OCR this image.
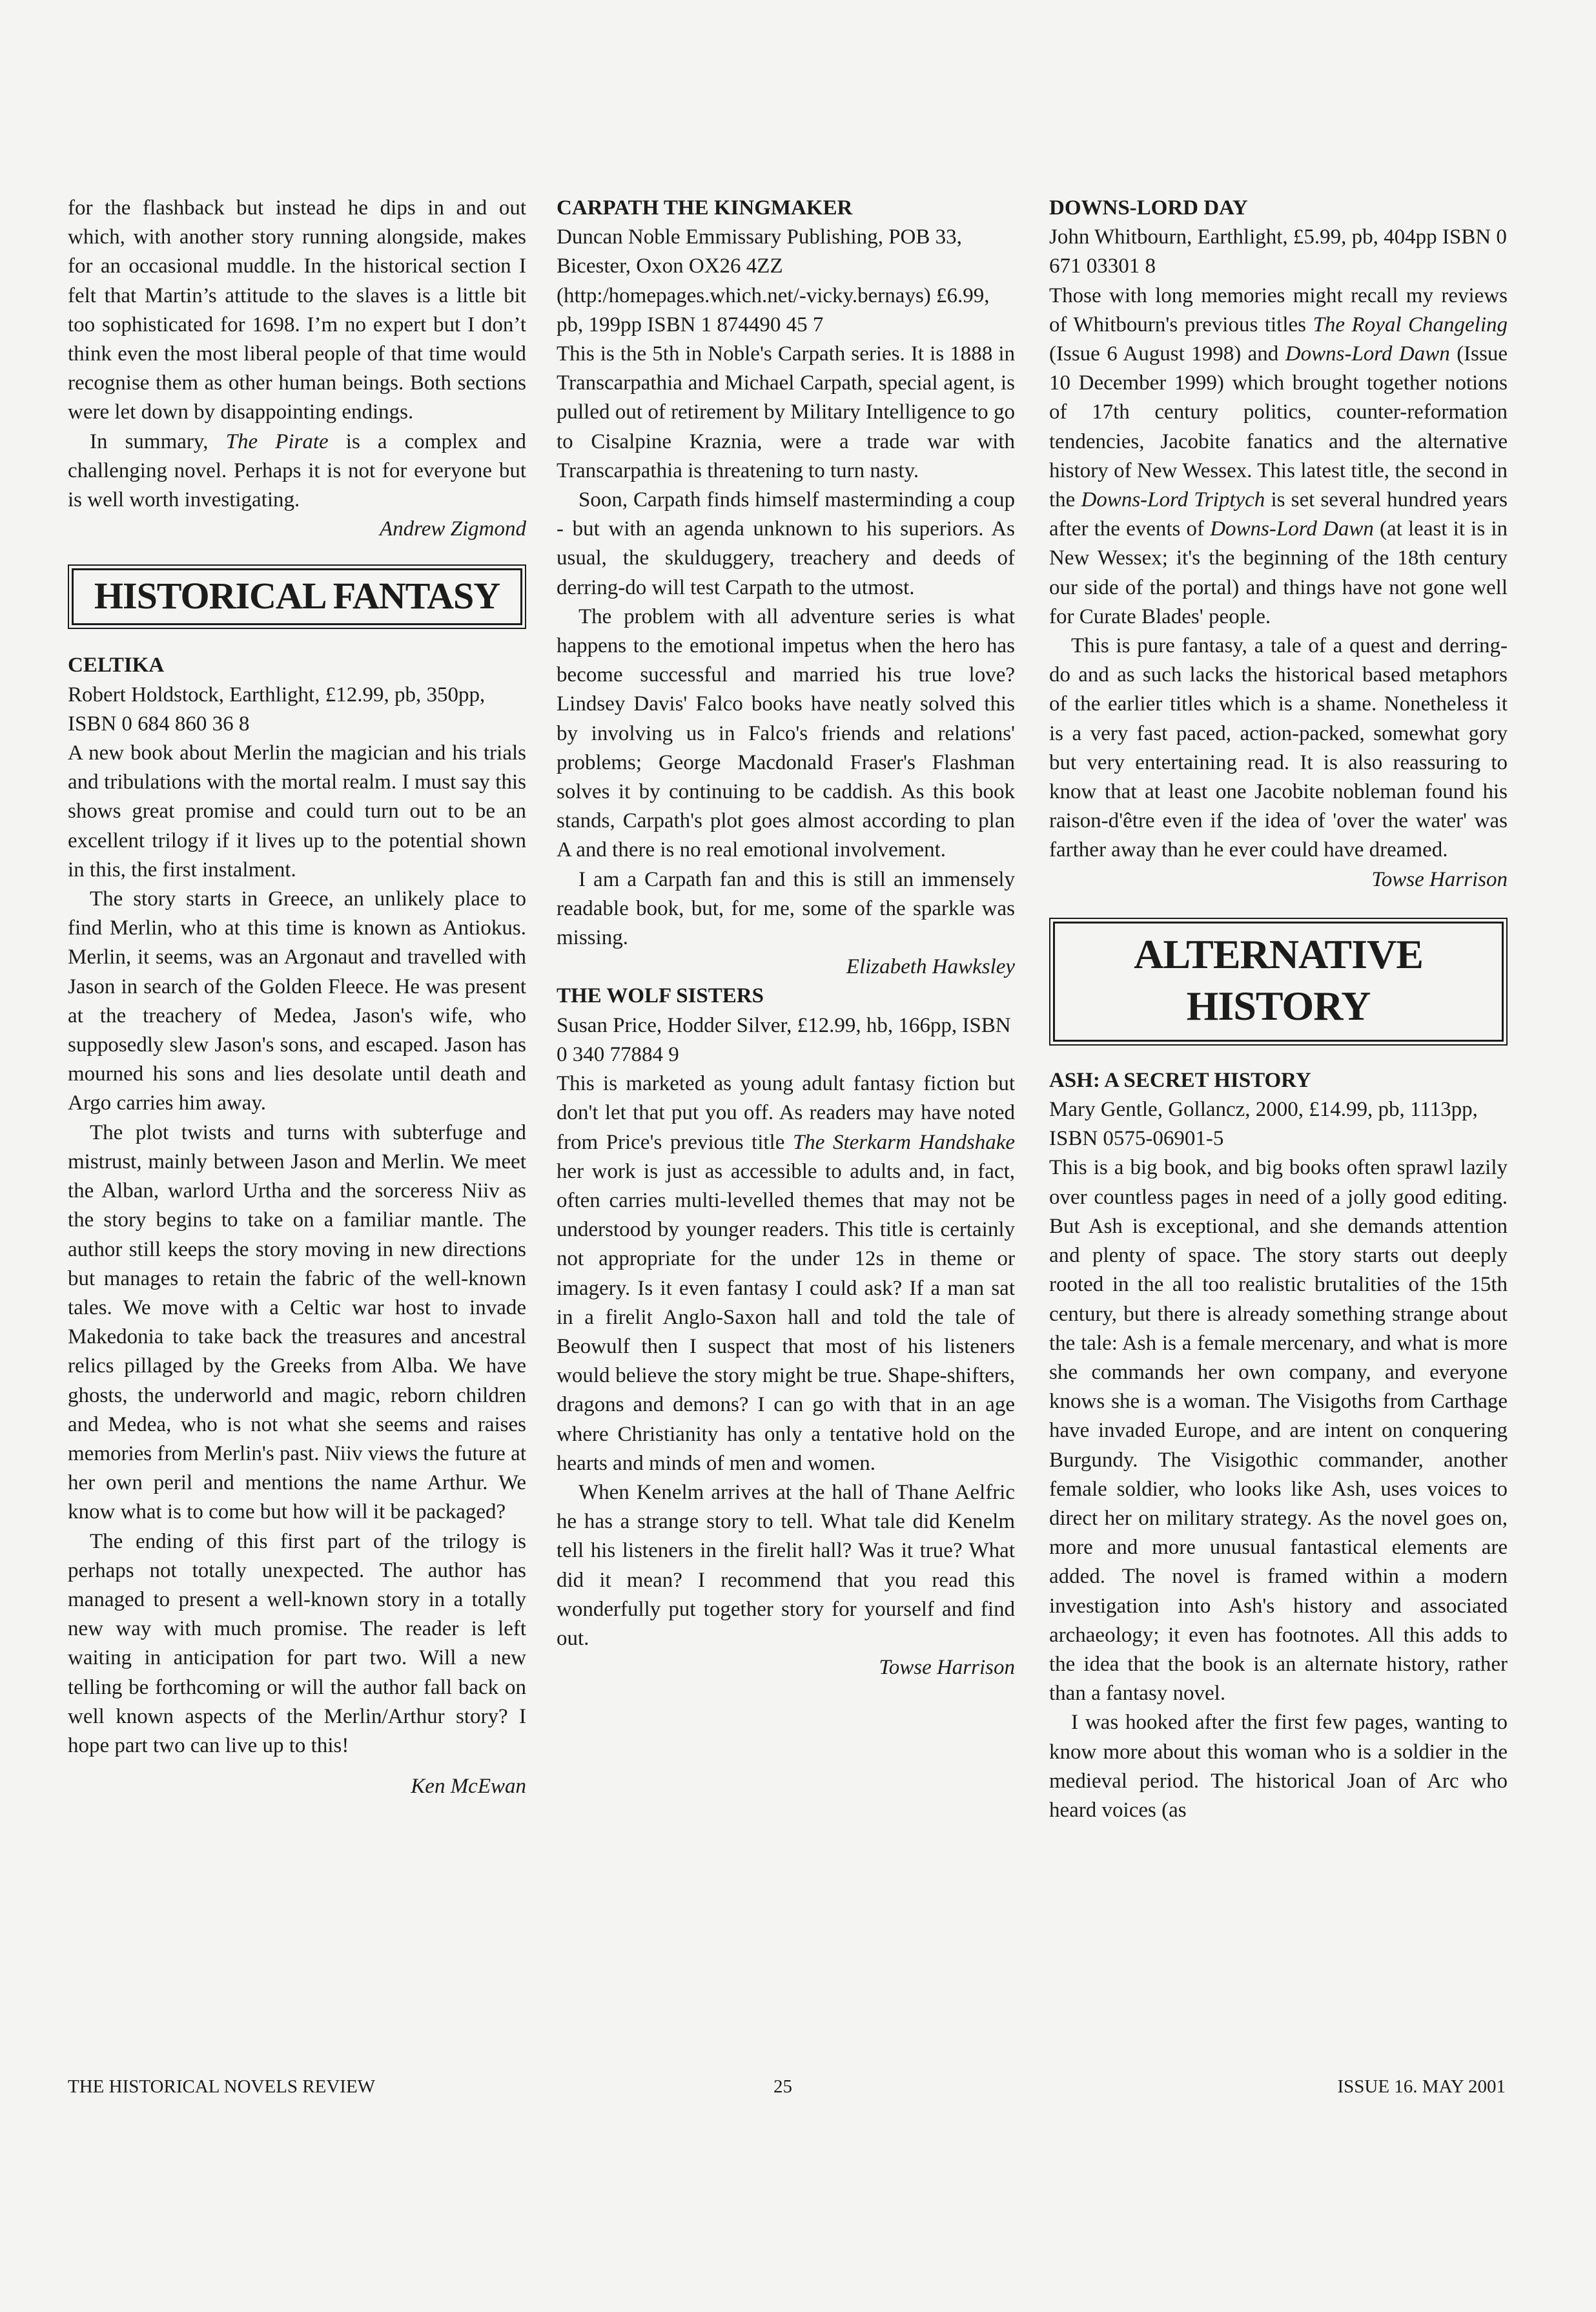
for the flashback but instead he dips in and out which, with another story running alongside, makes for an occasional muddle. In the historical section I felt that Martin’s attitude to the slaves is a little bit too sophisticated for 1698. I’m no expert but I don’t think even the most liberal people of that time would recognise them as other human beings. Both sections were let down by disappointing endings.

In summary, The Pirate is a complex and challenging novel. Perhaps it is not for everyone but is well worth investigating.

Andrew Zigmond

HISTORICAL FANTASY

CELTIKA

Robert Holdstock, Earthlight, £12.99, pb, 350pp, ISBN 0 684 860 36 8

A new book about Merlin the magician and his trials and tribulations with the mortal realm. I must say this shows great promise and could turn out to be an excellent trilogy if it lives up to the potential shown in this, the first instalment.

The story starts in Greece, an unlikely place to find Merlin, who at this time is known as Antiokus. Merlin, it seems, was an Argonaut and travelled with Jason in search of the Golden Fleece. He was present at the treachery of Medea, Jason's wife, who supposedly slew Jason's sons, and escaped. Jason has mourned his sons and lies desolate until death and Argo carries him away.

The plot twists and turns with subterfuge and mistrust, mainly between Jason and Merlin. We meet the Alban, warlord Urtha and the sorceress Niiv as the story begins to take on a familiar mantle. The author still keeps the story moving in new directions but manages to retain the fabric of the well-known tales. We move with a Celtic war host to invade Makedonia to take back the treasures and ancestral relics pillaged by the Greeks from Alba. We have ghosts, the underworld and magic, reborn children and Medea, who is not what she seems and raises memories from Merlin's past. Niiv views the future at her own peril and mentions the name Arthur. We know what is to come but how will it be packaged?

The ending of this first part of the trilogy is perhaps not totally unexpected. The author has managed to present a well-known story in a totally new way with much promise. The reader is left waiting in anticipation for part two. Will a new telling be forthcoming or will the author fall back on well known aspects of the Merlin/Arthur story? I hope part two can live up to this!

Ken McEwan

CARPATH THE KINGMAKER

Duncan Noble Emmissary Publishing, POB 33, Bicester, Oxon OX26 4ZZ (http:/homepages.which.net/-vicky.bernays) £6.99, pb, 199pp ISBN 1 874490 45 7

This is the 5th in Noble's Carpath series. It is 1888 in Transcarpathia and Michael Carpath, special agent, is pulled out of retirement by Military Intelligence to go to Cisalpine Kraznia, were a trade war with Transcarpathia is threatening to turn nasty.

Soon, Carpath finds himself masterminding a coup - but with an agenda unknown to his superiors. As usual, the skulduggery, treachery and deeds of derring-do will test Carpath to the utmost.

The problem with all adventure series is what happens to the emotional impetus when the hero has become successful and married his true love? Lindsey Davis' Falco books have neatly solved this by involving us in Falco's friends and relations' problems; George Macdonald Fraser's Flashman solves it by continuing to be caddish. As this book stands, Carpath's plot goes almost according to plan A and there is no real emotional involvement.

I am a Carpath fan and this is still an immensely readable book, but, for me, some of the sparkle was missing.

Elizabeth Hawksley

THE WOLF SISTERS

Susan Price, Hodder Silver, £12.99, hb, 166pp, ISBN 0 340 77884 9

This is marketed as young adult fantasy fiction but don't let that put you off. As readers may have noted from Price's previous title The Sterkarm Handshake her work is just as accessible to adults and, in fact, often carries multi-levelled themes that may not be understood by younger readers. This title is certainly not appropriate for the under 12s in theme or imagery. Is it even fantasy I could ask? If a man sat in a firelit Anglo-Saxon hall and told the tale of Beowulf then I suspect that most of his listeners would believe the story might be true. Shape-shifters, dragons and demons? I can go with that in an age where Christianity has only a tentative hold on the hearts and minds of men and women.

When Kenelm arrives at the hall of Thane Aelfric he has a strange story to tell. What tale did Kenelm tell his listeners in the firelit hall? Was it true? What did it mean? I recommend that you read this wonderfully put together story for yourself and find out.

Towse Harrison

DOWNS-LORD DAY

John Whitbourn, Earthlight, £5.99, pb, 404pp ISBN 0 671 03301 8

Those with long memories might recall my reviews of Whitbourn's previous titles The Royal Changeling (Issue 6 August 1998) and Downs-Lord Dawn (Issue 10 December 1999) which brought together notions of 17th century politics, counter-reformation tendencies, Jacobite fanatics and the alternative history of New Wessex. This latest title, the second in the Downs-Lord Triptych is set several hundred years after the events of Downs-Lord Dawn (at least it is in New Wessex; it's the beginning of the 18th century our side of the portal) and things have not gone well for Curate Blades' people.

This is pure fantasy, a tale of a quest and derring-do and as such lacks the historical based metaphors of the earlier titles which is a shame. Nonetheless it is a very fast paced, action-packed, somewhat gory but very entertaining read. It is also reassuring to know that at least one Jacobite nobleman found his raison-d'être even if the idea of 'over the water' was farther away than he ever could have dreamed.

Towse Harrison

ALTERNATIVE
HISTORY

ASH: A SECRET HISTORY

Mary Gentle, Gollancz, 2000, £14.99, pb, 1113pp, ISBN 0575-06901-5

This is a big book, and big books often sprawl lazily over countless pages in need of a jolly good editing. But Ash is exceptional, and she demands attention and plenty of space. The story starts out deeply rooted in the all too realistic brutalities of the 15th century, but there is already something strange about the tale: Ash is a female mercenary, and what is more she commands her own company, and everyone knows she is a woman. The Visigoths from Carthage have invaded Europe, and are intent on conquering Burgundy. The Visigothic commander, another female soldier, who looks like Ash, uses voices to direct her on military strategy. As the novel goes on, more and more unusual fantastical elements are added. The novel is framed within a modern investigation into Ash's history and associated archaeology; it even has footnotes. All this adds to the idea that the book is an alternate history, rather than a fantasy novel.

I was hooked after the first few pages, wanting to know more about this woman who is a soldier in the medieval period. The historical Joan of Arc who heard voices (as

THE HISTORICAL NOVELS REVIEW	25	ISSUE 16. MAY 2001
